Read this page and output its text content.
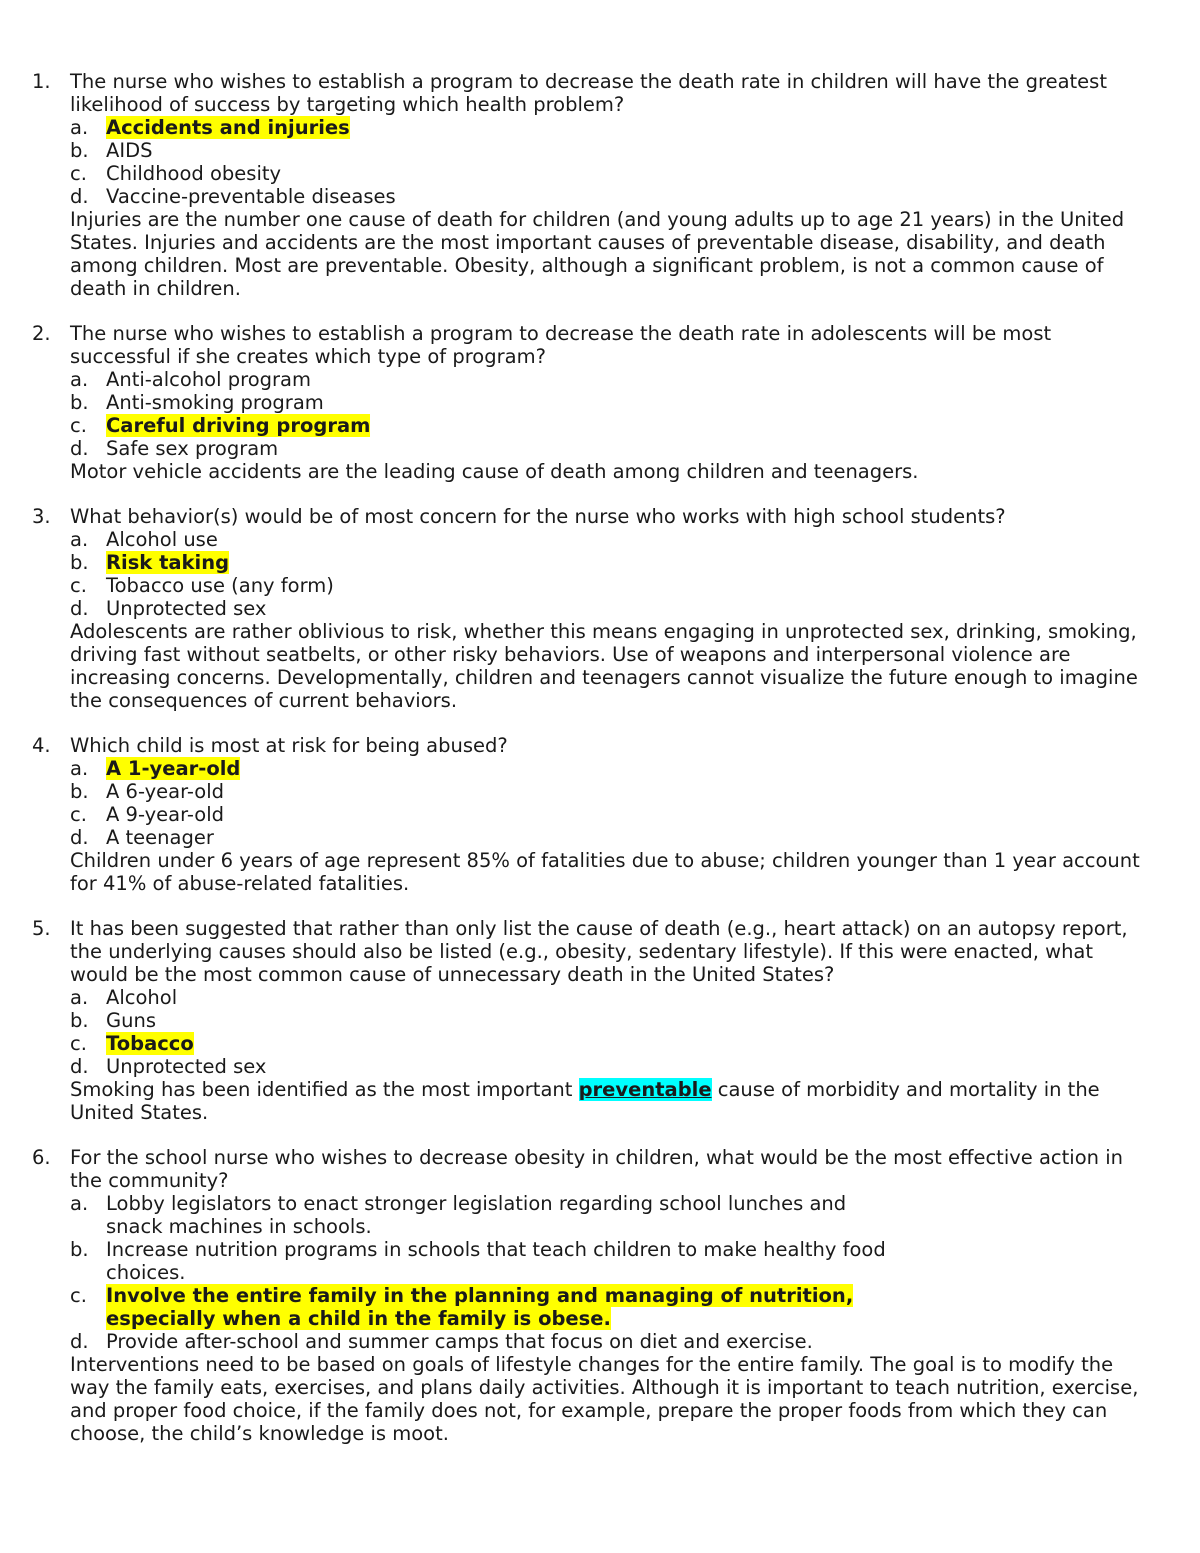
1. The nurse who wishes to establish a program to decrease the death rate in children will have the greatest likelihood of success by targeting which health problem?
a. Accidents and injuries
b. AIDS
c. Childhood obesity
d. Vaccine-preventable diseases
Injuries are the number one cause of death for children (and young adults up to age 21 years) in the United States. Injuries and accidents are the most important causes of preventable disease, disability, and death among children. Most are preventable. Obesity, although a significant problem, is not a common cause of death in children.
2. The nurse who wishes to establish a program to decrease the death rate in adolescents will be most successful if she creates which type of program?
a. Anti-alcohol program
b. Anti-smoking program
c. Careful driving program
d. Safe sex program
Motor vehicle accidents are the leading cause of death among children and teenagers.
3. What behavior(s) would be of most concern for the nurse who works with high school students?
a. Alcohol use
b. Risk taking
c. Tobacco use (any form)
d. Unprotected sex
Adolescents are rather oblivious to risk, whether this means engaging in unprotected sex, drinking, smoking, driving fast without seatbelts, or other risky behaviors. Use of weapons and interpersonal violence are increasing concerns. Developmentally, children and teenagers cannot visualize the future enough to imagine the consequences of current behaviors.
4. Which child is most at risk for being abused?
a. A 1-year-old
b. A 6-year-old
c. A 9-year-old
d. A teenager
Children under 6 years of age represent 85% of fatalities due to abuse; children younger than 1 year account for 41% of abuse-related fatalities.
5. It has been suggested that rather than only list the cause of death (e.g., heart attack) on an autopsy report, the underlying causes should also be listed (e.g., obesity, sedentary lifestyle). If this were enacted, what would be the most common cause of unnecessary death in the United States?
a. Alcohol
b. Guns
c. Tobacco
d. Unprotected sex
Smoking has been identified as the most important preventable cause of morbidity and mortality in the United States.
6. For the school nurse who wishes to decrease obesity in children, what would be the most effective action in the community?
a. Lobby legislators to enact stronger legislation regarding school lunches and snack machines in schools.
b. Increase nutrition programs in schools that teach children to make healthy food choices.
c. Involve the entire family in the planning and managing of nutrition, especially when a child in the family is obese.
d. Provide after-school and summer camps that focus on diet and exercise.
Interventions need to be based on goals of lifestyle changes for the entire family. The goal is to modify the way the family eats, exercises, and plans daily activities. Although it is important to teach nutrition, exercise, and proper food choice, if the family does not, for example, prepare the proper foods from which they can choose, the child’s knowledge is moot.
